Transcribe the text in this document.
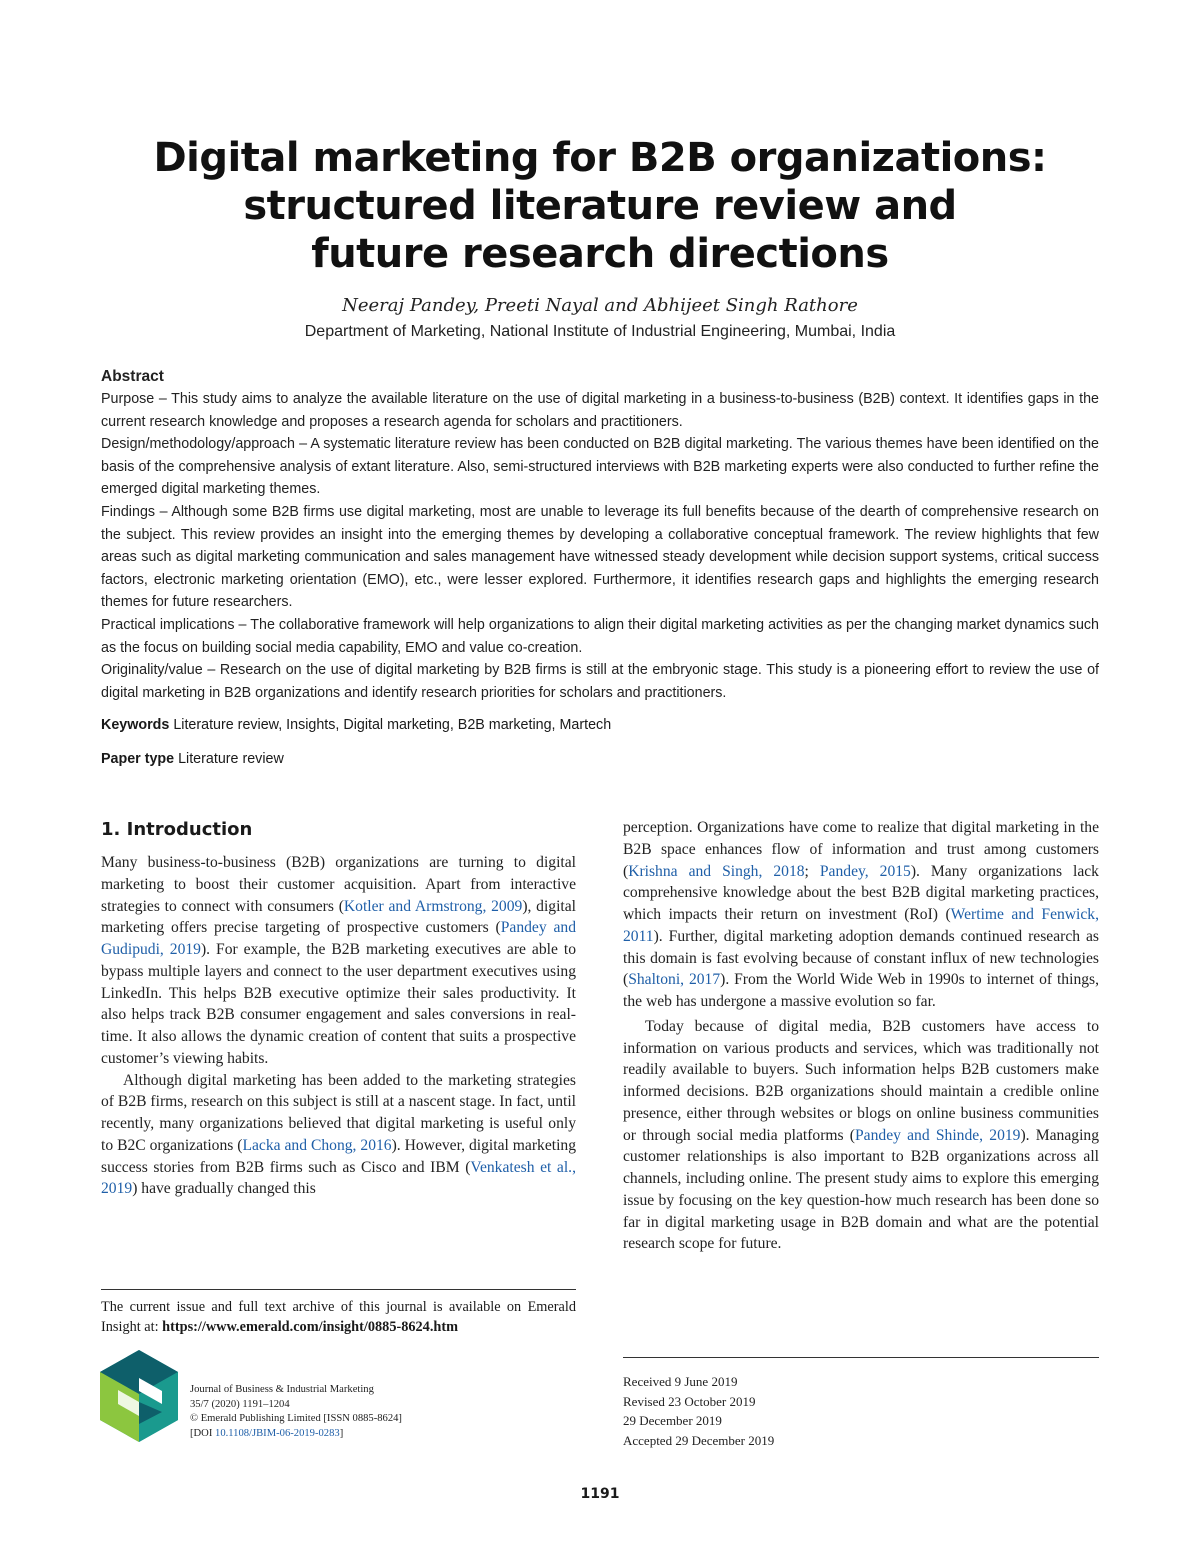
Digital marketing for B2B organizations:
structured literature review and
future research directions
Neeraj Pandey, Preeti Nayal and Abhijeet Singh Rathore
Department of Marketing, National Institute of Industrial Engineering, Mumbai, India
Abstract

Purpose – This study aims to analyze the available literature on the use of digital marketing in a business-to-business (B2B) context. It identifies gaps in the current research knowledge and proposes a research agenda for scholars and practitioners.

Design/methodology/approach – A systematic literature review has been conducted on B2B digital marketing. The various themes have been identified on the basis of the comprehensive analysis of extant literature. Also, semi-structured interviews with B2B marketing experts were also conducted to further refine the emerged digital marketing themes.

Findings – Although some B2B firms use digital marketing, most are unable to leverage its full benefits because of the dearth of comprehensive research on the subject. This review provides an insight into the emerging themes by developing a collaborative conceptual framework. The review highlights that few areas such as digital marketing communication and sales management have witnessed steady development while decision support systems, critical success factors, electronic marketing orientation (EMO), etc., were lesser explored. Furthermore, it identifies research gaps and highlights the emerging research themes for future researchers.

Practical implications – The collaborative framework will help organizations to align their digital marketing activities as per the changing market dynamics such as the focus on building social media capability, EMO and value co-creation.

Originality/value – Research on the use of digital marketing by B2B firms is still at the embryonic stage. This study is a pioneering effort to review the use of digital marketing in B2B organizations and identify research priorities for scholars and practitioners.

Keywords Literature review, Insights, Digital marketing, B2B marketing, Martech
Paper type Literature review
1. Introduction

Many business-to-business (B2B) organizations are turning to digital marketing to boost their customer acquisition. Apart from interactive strategies to connect with consumers (Kotler and Armstrong, 2009), digital marketing offers precise targeting of prospective customers (Pandey and Gudipudi, 2019). For example, the B2B marketing executives are able to bypass multiple layers and connect to the user department executives using LinkedIn. This helps B2B executive optimize their sales productivity. It also helps track B2B consumer engagement and sales conversions in real-time. It also allows the dynamic creation of content that suits a prospective customer’s viewing habits.

Although digital marketing has been added to the marketing strategies of B2B firms, research on this subject is still at a nascent stage. In fact, until recently, many organizations believed that digital marketing is useful only to B2C organizations (Lacka and Chong, 2016). However, digital marketing success stories from B2B firms such as Cisco and IBM (Venkatesh et al., 2019) have gradually changed this

perception. Organizations have come to realize that digital marketing in the B2B space enhances flow of information and trust among customers (Krishna and Singh, 2018; Pandey, 2015). Many organizations lack comprehensive knowledge about the best B2B digital marketing practices, which impacts their return on investment (RoI) (Wertime and Fenwick, 2011). Further, digital marketing adoption demands continued research as this domain is fast evolving because of constant influx of new technologies (Shaltoni, 2017). From the World Wide Web in 1990s to internet of things, the web has undergone a massive evolution so far.

Today because of digital media, B2B customers have access to information on various products and services, which was traditionally not readily available to buyers. Such information helps B2B customers make informed decisions. B2B organizations should maintain a credible online presence, either through websites or blogs on online business communities or through social media platforms (Pandey and Shinde, 2019). Managing customer relationships is also important to B2B organizations across all channels, including online. The present study aims to explore this emerging issue by focusing on the key question-how much research has been done so far in digital marketing usage in B2B domain and what are the potential research scope for future.

The current issue and full text archive of this journal is available on Emerald Insight at: https://www.emerald.com/insight/0885-8624.htm
Journal of Business & Industrial Marketing
35/7 (2020) 1191–1204
© Emerald Publishing Limited [ISSN 0885-8624]
[DOI 10.1108/JBIM-06-2019-0283]
Received 9 June 2019
Revised 23 October 2019
29 December 2019
Accepted 29 December 2019
1191
